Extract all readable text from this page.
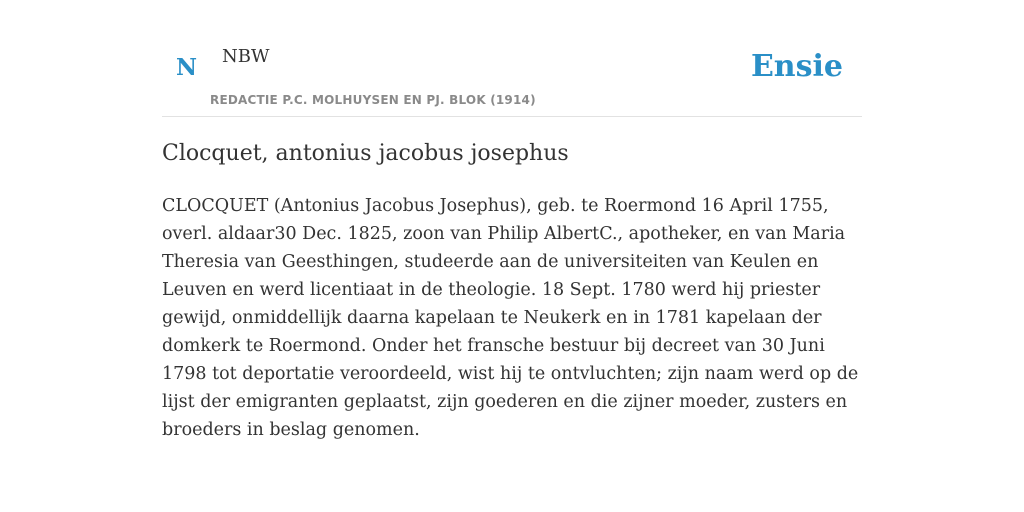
N NBW
REDACTIE P.C. MOLHUYSEN EN PJ. BLOK (1914)
Ensie
Clocquet, antonius jacobus josephus

CLOCQUET (Antonius Jacobus Josephus), geb. te Roermond 16 April 1755, overl. aldaar30 Dec. 1825, zoon van Philip AlbertC., apotheker, en van Maria Theresia van Geesthingen, studeerde aan de universiteiten van Keulen en Leuven en werd licentiaat in de theologie. 18 Sept. 1780 werd hij priester gewijd, onmiddellijk daarna kapelaan te Neukerk en in 1781 kapelaan der domkerk te Roermond. Onder het fransche bestuur bij decreet van 30 Juni 1798 tot deportatie veroordeeld, wist hij te ontvluchten; zijn naam werd op de lijst der emigranten geplaatst, zijn goederen en die zijner moeder, zusters en broeders in beslag genomen.
